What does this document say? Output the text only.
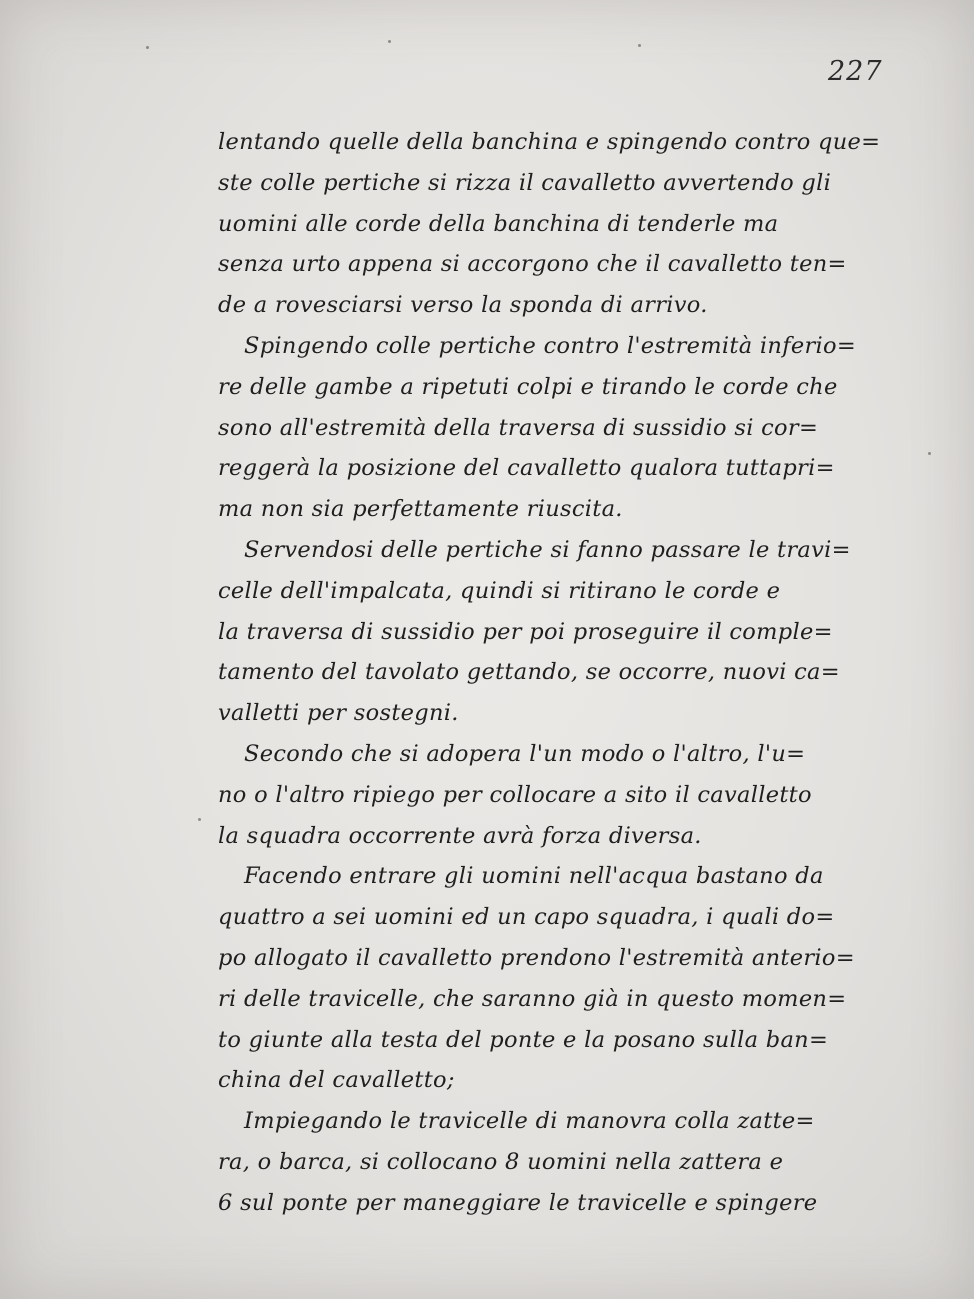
227
lentando quelle della banchina e spingendo contro que=
ste colle pertiche si rizza il cavalletto avvertendo gli
uomini alle corde della banchina di tenderle ma
senza urto appena si accorgono che il cavalletto ten=
de a rovesciarsi verso la sponda di arrivo.
Spingendo colle pertiche contro l'estremità inferio=
re delle gambe a ripetuti colpi e tirando le corde che
sono all'estremità della traversa di sussidio si cor=
reggerà la posizione del cavalletto qualora tuttapri=
ma non sia perfettamente riuscita.
Servendosi delle pertiche si fanno passare le travi=
celle dell'impalcata, quindi si ritirano le corde e
la traversa di sussidio per poi proseguire il comple=
tamento del tavolato gettando, se occorre, nuovi ca=
valletti per sostegni.
Secondo che si adopera l'un modo o l'altro, l'u=
no o l'altro ripiego per collocare a sito il cavalletto
la squadra occorrente avrà forza diversa.
Facendo entrare gli uomini nell'acqua bastano da
quattro a sei uomini ed un capo squadra, i quali do=
po allogato il cavalletto prendono l'estremità anterio=
ri delle travicelle, che saranno già in questo momen=
to giunte alla testa del ponte e la posano sulla ban=
china del cavalletto;
Impiegando le travicelle di manovra colla zatte=
ra, o barca, si collocano 8 uomini nella zattera e
6 sul ponte per maneggiare le travicelle e spingere
